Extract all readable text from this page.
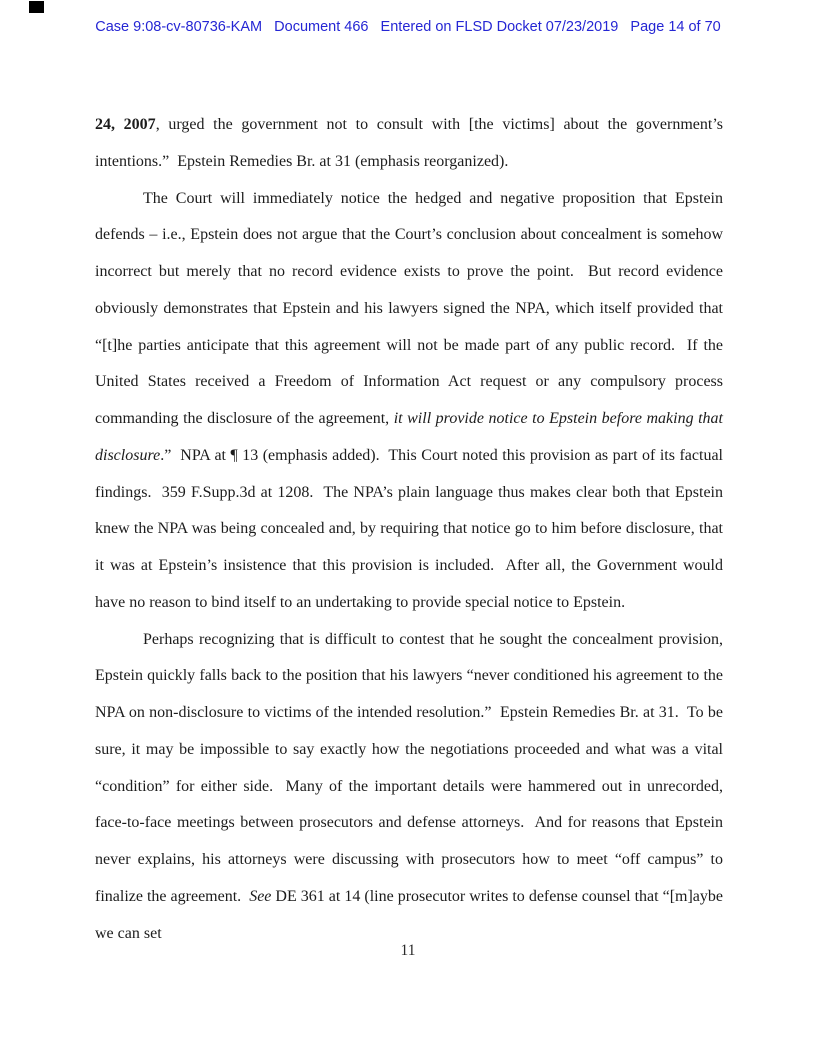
Case 9:08-cv-80736-KAM   Document 466   Entered on FLSD Docket 07/23/2019   Page 14 of 70

24, 2007, urged the government not to consult with [the victims] about the government’s intentions.”  Epstein Remedies Br. at 31 (emphasis reorganized).

The Court will immediately notice the hedged and negative proposition that Epstein defends – i.e., Epstein does not argue that the Court’s conclusion about concealment is somehow incorrect but merely that no record evidence exists to prove the point.  But record evidence obviously demonstrates that Epstein and his lawyers signed the NPA, which itself provided that “[t]he parties anticipate that this agreement will not be made part of any public record.  If the United States received a Freedom of Information Act request or any compulsory process commanding the disclosure of the agreement, it will provide notice to Epstein before making that disclosure.”  NPA at ¶ 13 (emphasis added).  This Court noted this provision as part of its factual findings.  359 F.Supp.3d at 1208.  The NPA’s plain language thus makes clear both that Epstein knew the NPA was being concealed and, by requiring that notice go to him before disclosure, that it was at Epstein’s insistence that this provision is included.  After all, the Government would have no reason to bind itself to an undertaking to provide special notice to Epstein.

Perhaps recognizing that is difficult to contest that he sought the concealment provision, Epstein quickly falls back to the position that his lawyers “never conditioned his agreement to the NPA on non-disclosure to victims of the intended resolution.”  Epstein Remedies Br. at 31.  To be sure, it may be impossible to say exactly how the negotiations proceeded and what was a vital “condition” for either side.  Many of the important details were hammered out in unrecorded, face-to-face meetings between prosecutors and defense attorneys.  And for reasons that Epstein never explains, his attorneys were discussing with prosecutors how to meet “off campus” to finalize the agreement.  See DE 361 at 14 (line prosecutor writes to defense counsel that “[m]aybe we can set

11
